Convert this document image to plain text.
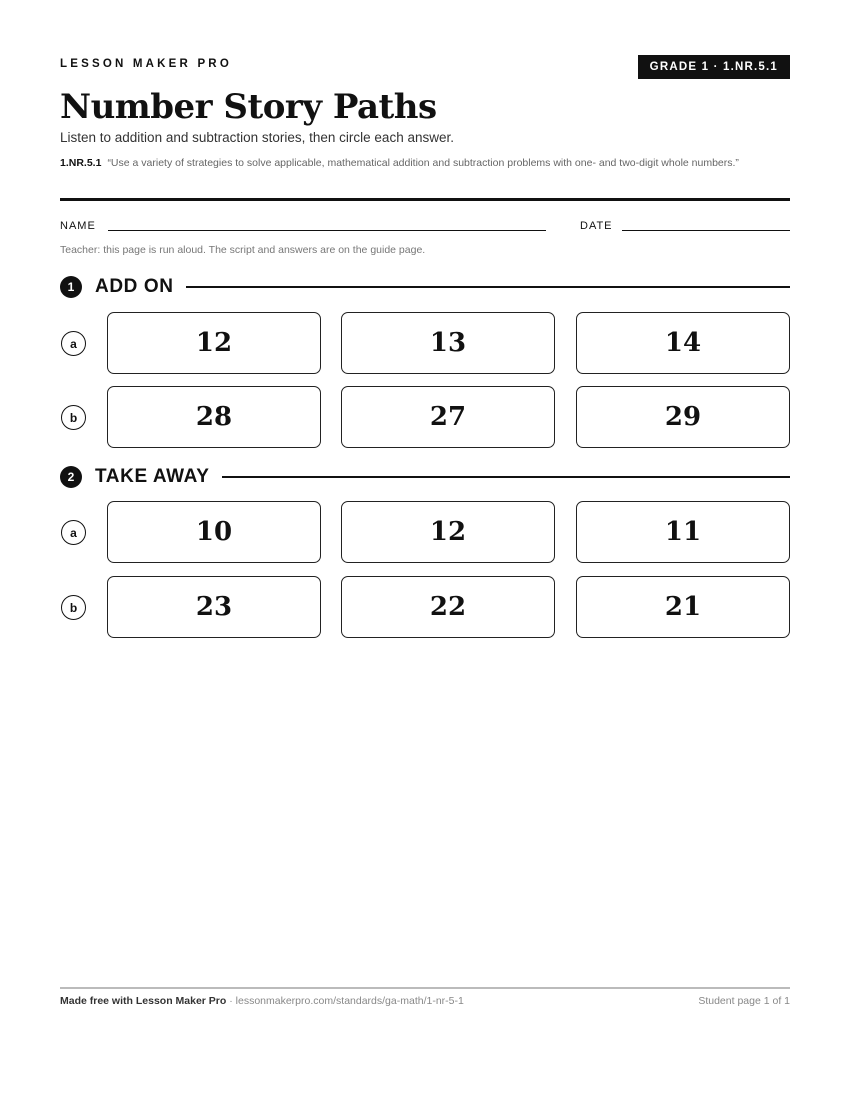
LESSON MAKER PRO	GRADE 1 · 1.NR.5.1
Number Story Paths
Listen to addition and subtraction stories, then circle each answer.
1.NR.5.1 “Use a variety of strategies to solve applicable, mathematical addition and subtraction problems with one- and two-digit whole numbers.”
NAME	DATE
Teacher: this page is run aloud. The script and answers are on the guide page.
1	ADD ON
a	12	13	14
b	28	27	29
2	TAKE AWAY
a	10	12	11
b	23	22	21
Made free with Lesson Maker Pro · lessonmakerpro.com/standards/ga-math/1-nr-5-1	Student page 1 of 1
